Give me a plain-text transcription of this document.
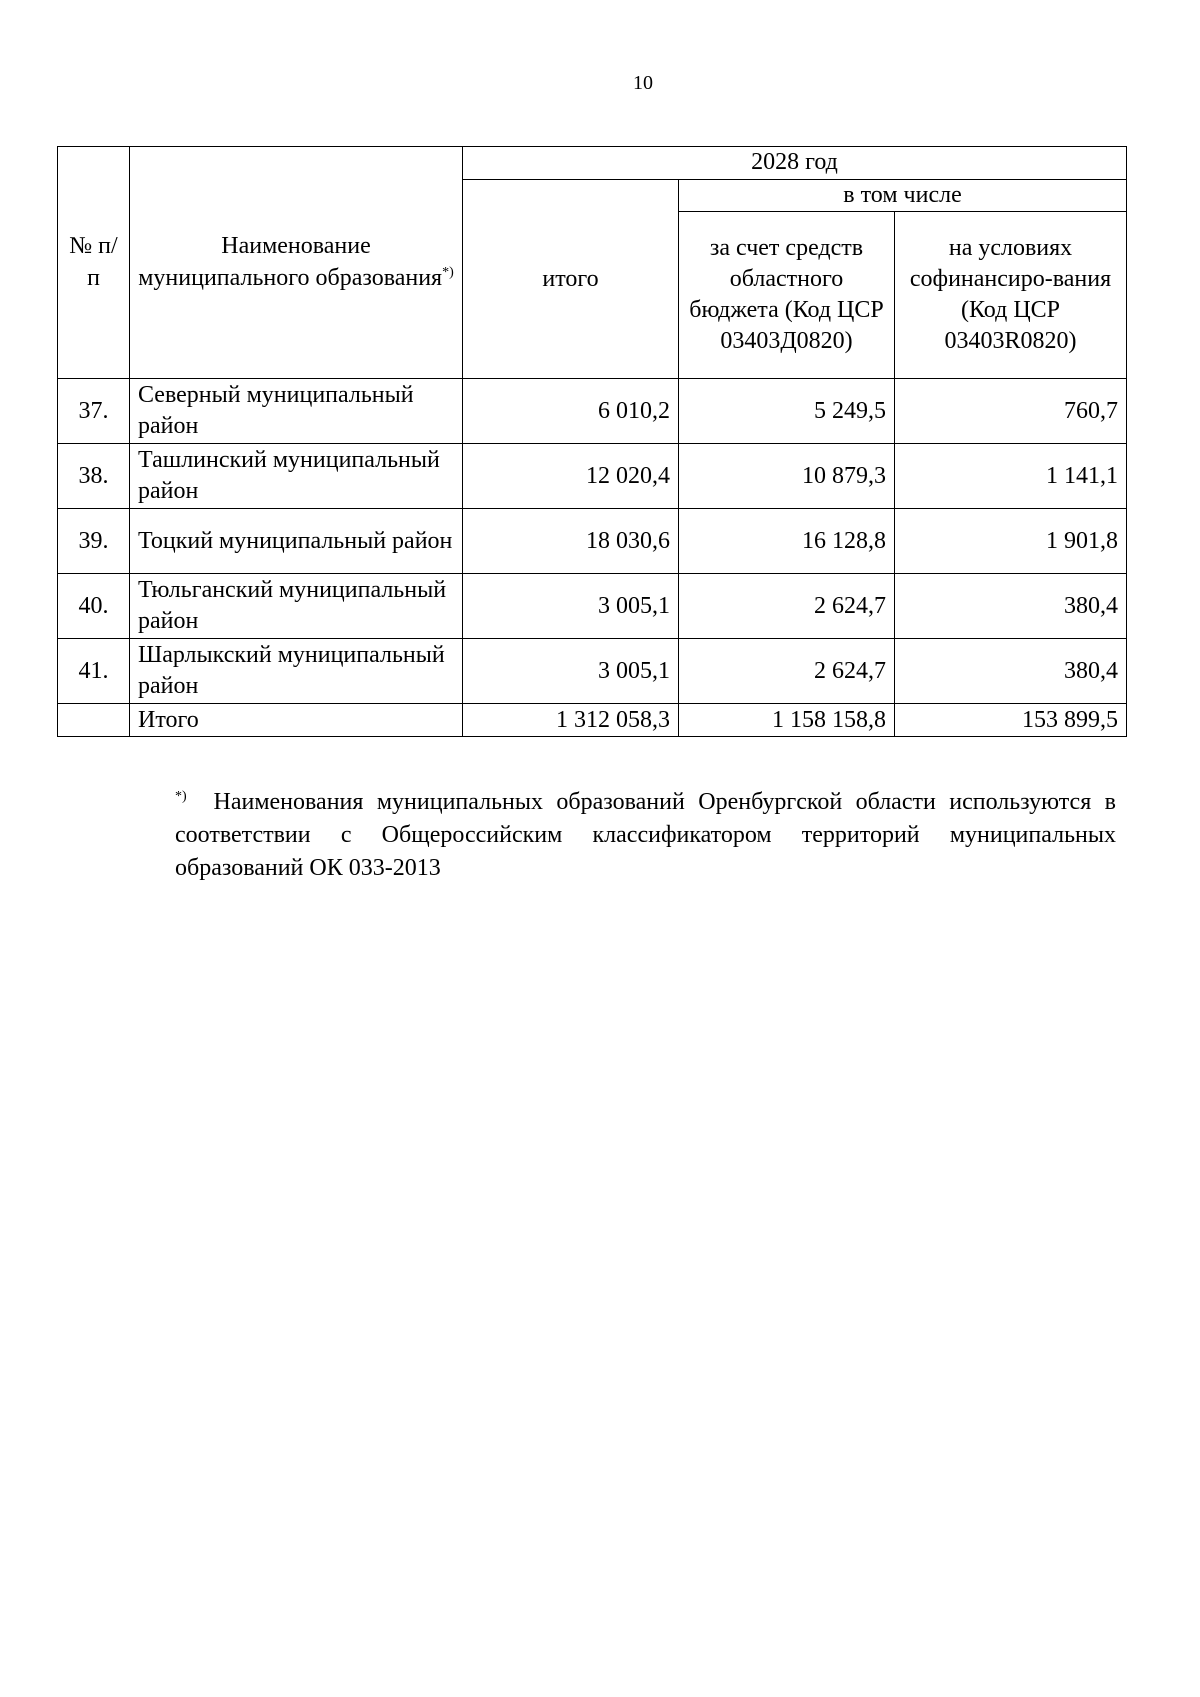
10
№ п/п	Наименование муниципального образования*)	2028 год		
		итого	в том числе	
			за счет средств областного бюджета (Код ЦСР 03403Д0820)	на условиях софинансиро-вания (Код ЦСР 03403R0820)
37.	Северный муниципальный район	6 010,2	5 249,5	760,7
38.	Ташлинский муниципальный район	12 020,4	10 879,3	1 141,1
39.	Тоцкий муниципальный район	18 030,6	16 128,8	1 901,8
40.	Тюльганский муниципальный район	3 005,1	2 624,7	380,4
41.	Шарлыкский муниципальный район	3 005,1	2 624,7	380,4
	Итого	1 312 058,3	1 158 158,8	153 899,5
*) Наименования муниципальных образований Оренбургской области используются в соответствии с Общероссийским классификатором территорий муниципальных образований ОК 033-2013
